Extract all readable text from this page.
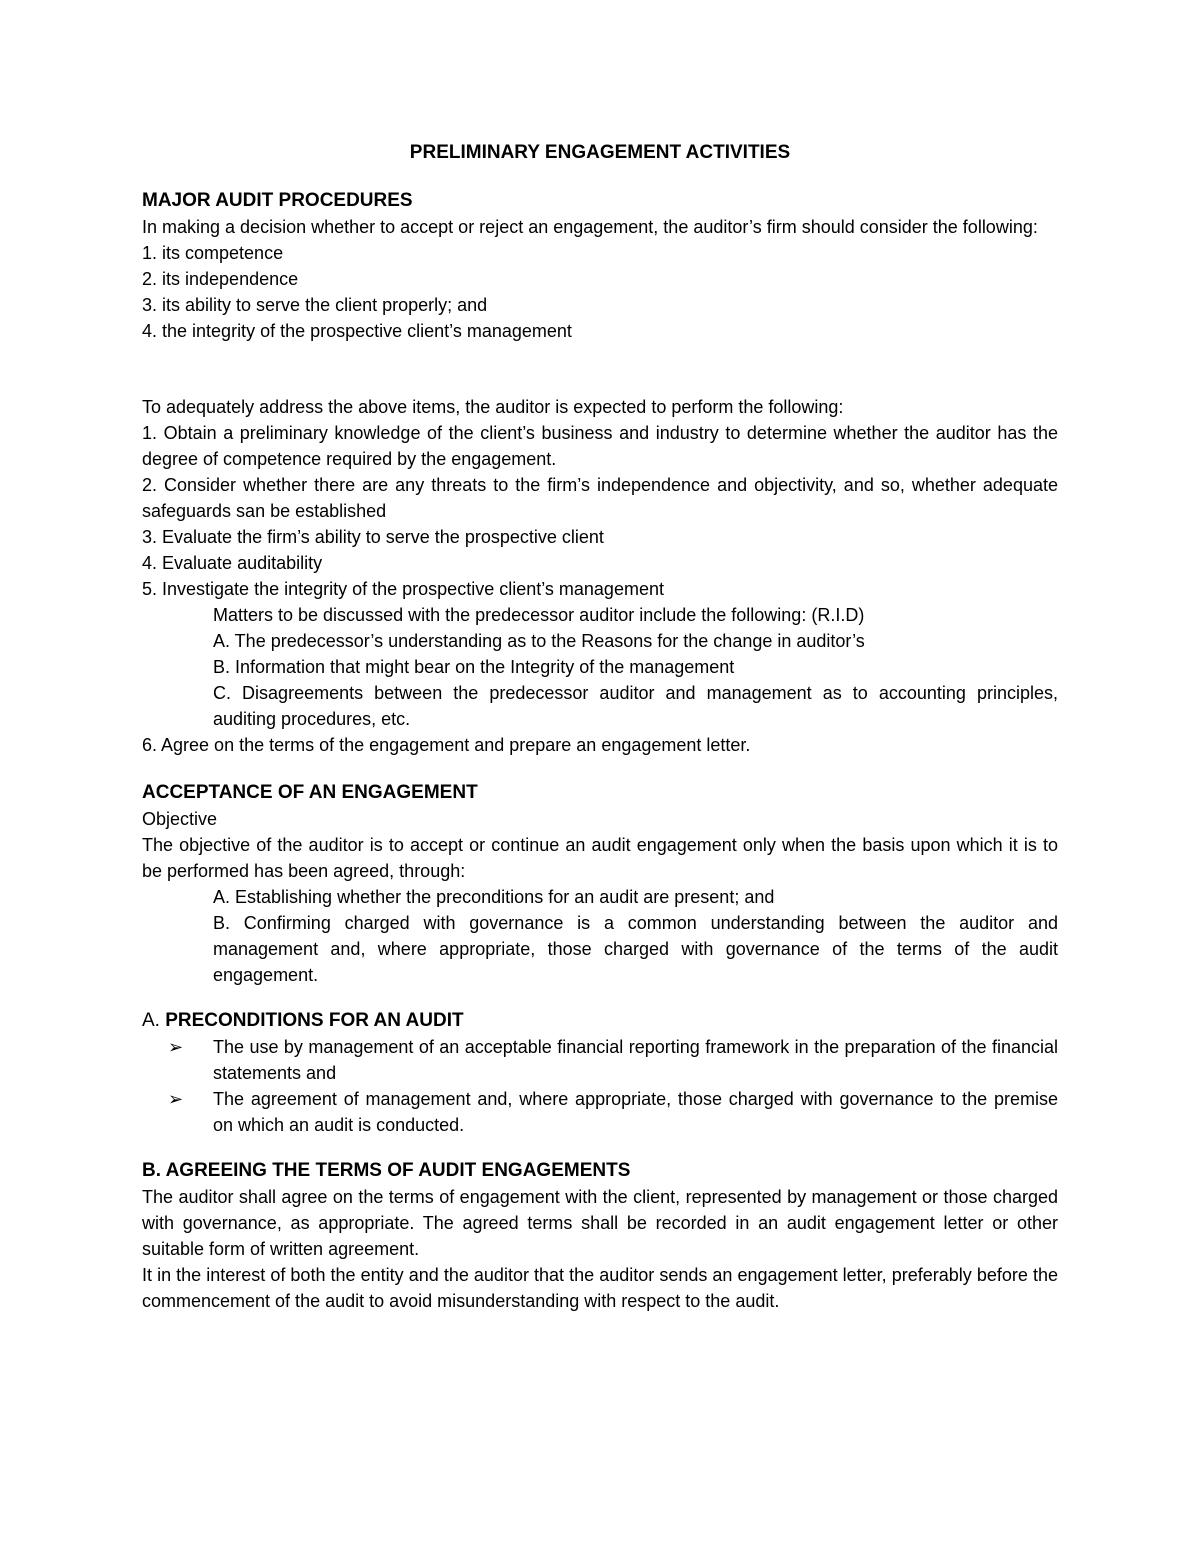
PRELIMINARY ENGAGEMENT ACTIVITIES

MAJOR AUDIT PROCEDURES

In making a decision whether to accept or reject an engagement, the auditor’s firm should consider the following:

1. its competence

2. its independence

3. its ability to serve the client properly; and

4. the integrity of the prospective client’s management

To adequately address the above items, the auditor is expected to perform the following:

1. Obtain a preliminary knowledge of the client’s business and industry to determine whether the auditor has the degree of competence required by the engagement.

2. Consider whether there are any threats to the firm’s independence and objectivity, and so, whether adequate safeguards san be established

3. Evaluate the firm’s ability to serve the prospective client

4. Evaluate auditability

5. Investigate the integrity of the prospective client’s management

Matters to be discussed with the predecessor auditor include the following: (R.I.D)

A. The predecessor’s understanding as to the Reasons for the change in auditor’s

B. Information that might bear on the Integrity of the management

C. Disagreements between the predecessor auditor and management as to accounting principles, auditing procedures, etc.

6. Agree on the terms of the engagement and prepare an engagement letter.

ACCEPTANCE OF AN ENGAGEMENT

Objective

The objective of the auditor is to accept or continue an audit engagement only when the basis upon which it is to be performed has been agreed, through:

A. Establishing whether the preconditions for an audit are present; and

B. Confirming charged with governance is a common understanding between the auditor and management and, where appropriate, those charged with governance of the terms of the audit engagement.

A. PRECONDITIONS FOR AN AUDIT

➢ The use by management of an acceptable financial reporting framework in the preparation of the financial statements and
➢ The agreement of management and, where appropriate, those charged with governance to the premise on which an audit is conducted.

B. AGREEING THE TERMS OF AUDIT ENGAGEMENTS

The auditor shall agree on the terms of engagement with the client, represented by management or those charged with governance, as appropriate. The agreed terms shall be recorded in an audit engagement letter or other suitable form of written agreement.

It in the interest of both the entity and the auditor that the auditor sends an engagement letter, preferably before the commencement of the audit to avoid misunderstanding with respect to the audit.
